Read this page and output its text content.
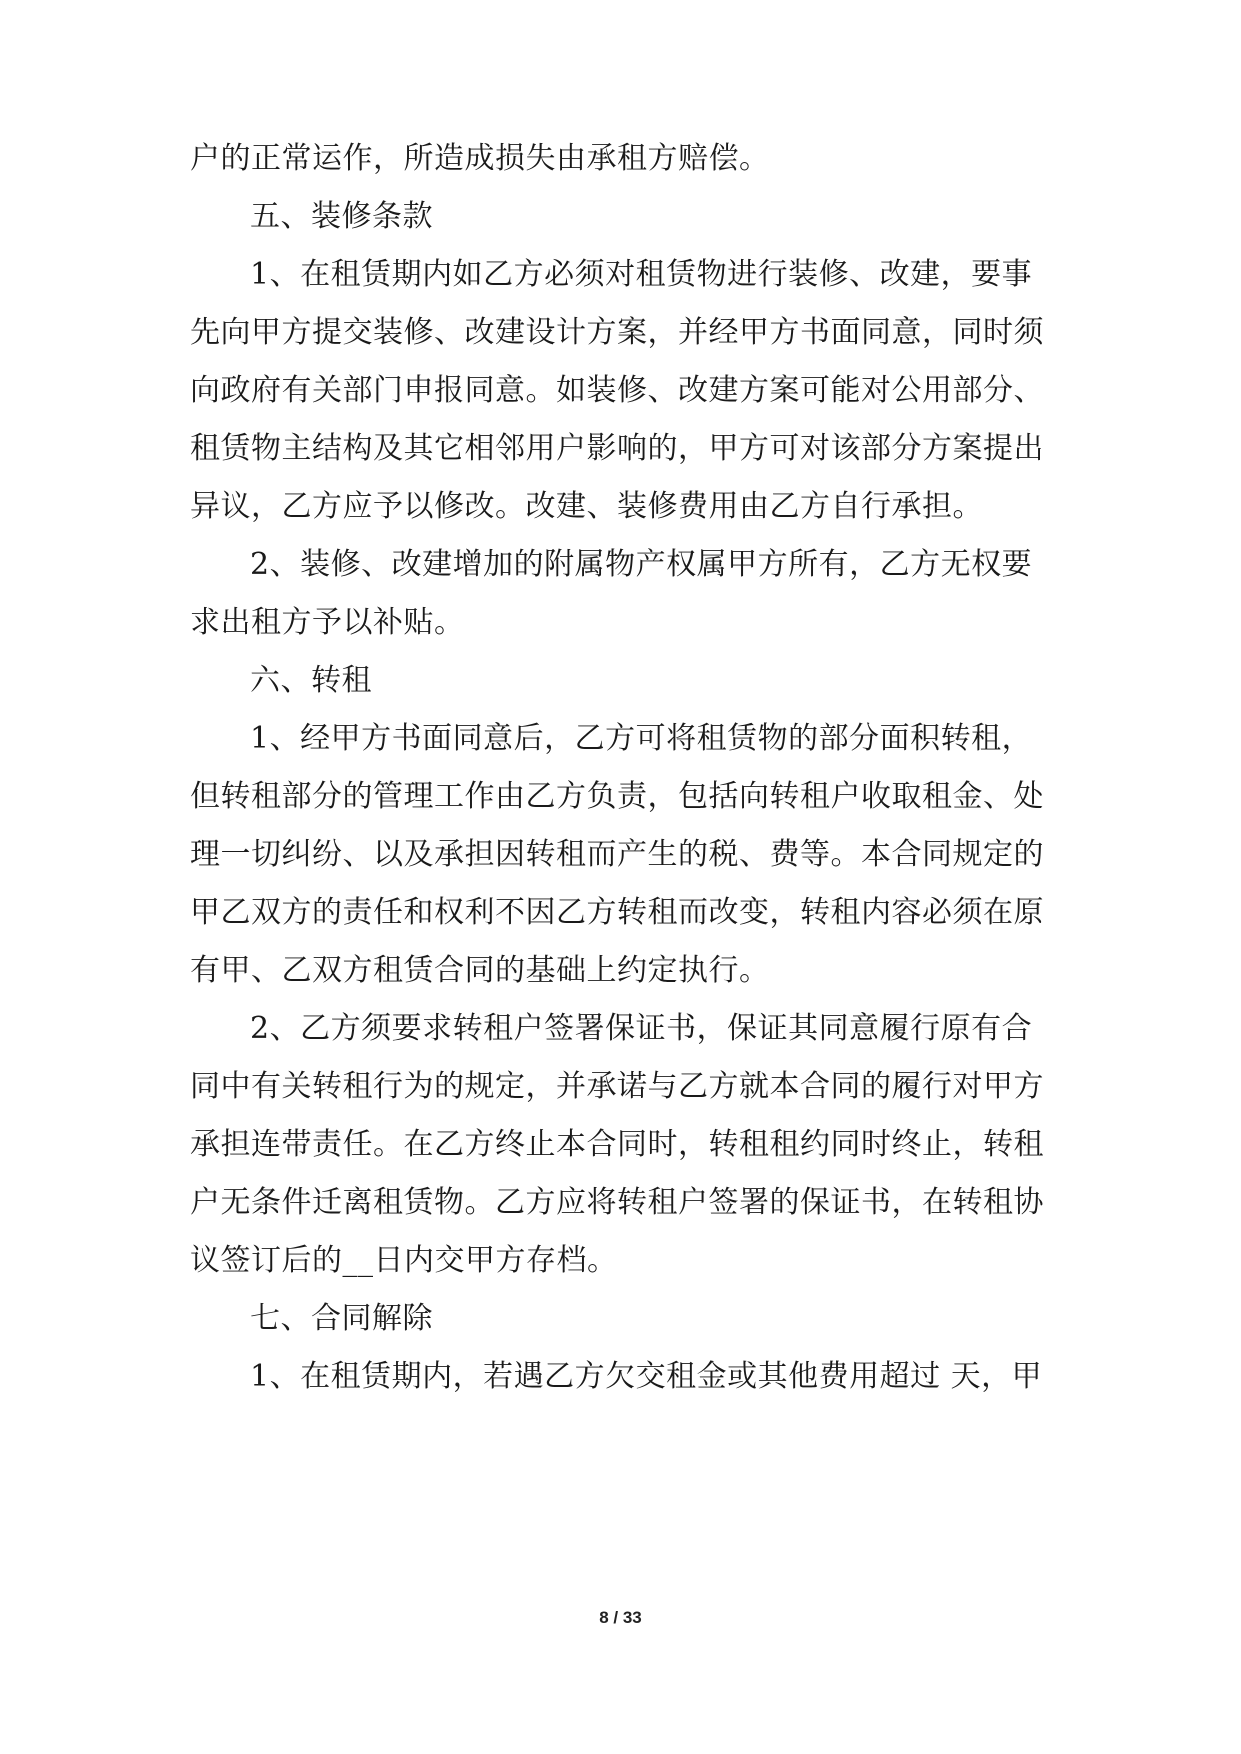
户的正常运作，所造成损失由承租方赔偿。
五、装修条款
1、在租赁期内如乙方必须对租赁物进行装修、改建，要事
先向甲方提交装修、改建设计方案，并经甲方书面同意，同时须
向政府有关部门申报同意。如装修、改建方案可能对公用部分、
租赁物主结构及其它相邻用户影响的，甲方可对该部分方案提出
异议，乙方应予以修改。改建、装修费用由乙方自行承担。
2、装修、改建增加的附属物产权属甲方所有，乙方无权要
求出租方予以补贴。
六、转租
1、经甲方书面同意后，乙方可将租赁物的部分面积转租，
但转租部分的管理工作由乙方负责，包括向转租户收取租金、处
理一切纠纷、以及承担因转租而产生的税、费等。本合同规定的
甲乙双方的责任和权利不因乙方转租而改变，转租内容必须在原
有甲、乙双方租赁合同的基础上约定执行。
2、乙方须要求转租户签署保证书，保证其同意履行原有合
同中有关转租行为的规定，并承诺与乙方就本合同的履行对甲方
承担连带责任。在乙方终止本合同时，转租租约同时终止，转租
户无条件迁离租赁物。乙方应将转租户签署的保证书，在转租协
议签订后的__日内交甲方存档。
七、合同解除
1、在租赁期内，若遇乙方欠交租金或其他费用超过 天，甲
8 / 33
